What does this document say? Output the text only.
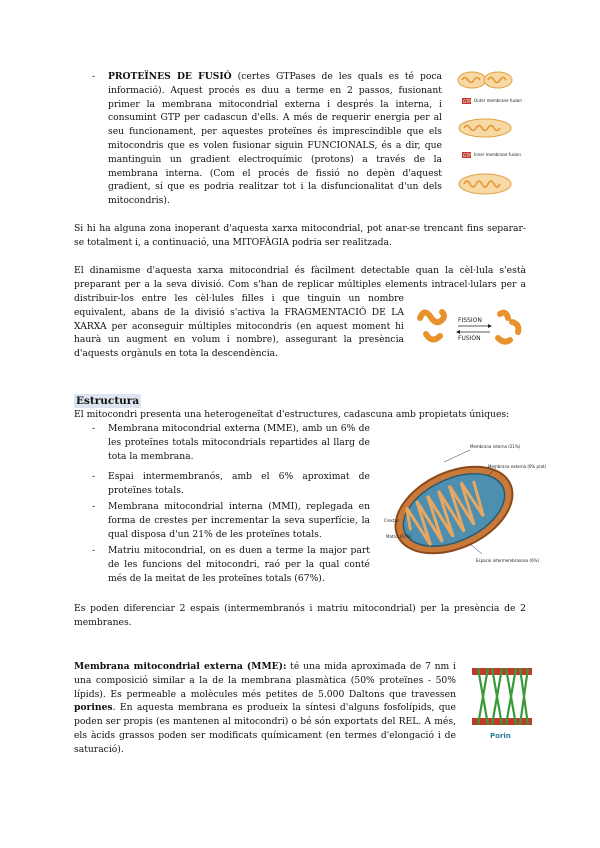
- PROTEÏNES DE FUSIÓ (certes GTPases de les quals es té poca informació). Aquest procés es duu a terme en 2 passos, fusionant primer la membrana mitocondrial externa i després la interna, i consumint GTP per cadascun d'ells. A més de requerir energia per al seu funcionament, per aquestes proteïnes és imprescindible que els mitocondris que es volen fusionar siguin FUNCIONALS, és a dir, que mantinguin un gradient electroquímic (protons) a través de la membrana interna. (Com el procés de fissió no depèn d'aquest gradient, sí que es podria realitzar tot i la disfuncionalitat d'un dels mitocondris).
GTP Outer membrane fusion
GTP Inner membrane fusion
Si hi ha alguna zona inoperant d'aquesta xarxa mitocondrial, pot anar-se trencant fins separar-se totalment i, a continuació, una MITOFÀGIA podria ser realitzada.
El dinamisme d'aquesta xarxa mitocondrial és fàcilment detectable quan la cèl·lula s'està preparant per a la seva divisió. Com s'han de replicar múltiples elements intracel·lulars per a
distribuir-los entre les cèl·lules filles i que tinguin un nombre equivalent, abans de la divisió s'activa la FRAGMENTACIÓ DE LA XARXA per aconseguir múltiples mitocondris (en aquest moment hi haurà un augment en volum i nombre), assegurant la presència d'aquests orgànuls en tota la descendència.
FISSION
FUSION
Estructura
El mitocondri presenta una heterogeneïtat d'estructures, cadascuna amb propietats úniques:
- Membrana mitocondrial externa (MME), amb un 6% de les proteïnes totals mitocondrials repartides al llarg de tota la membrana.
- Espai intermembranós, amb el 6% aproximat de proteïnes totals.
- Membrana mitocondrial interna (MMI), replegada en forma de crestes per incrementar la seva superfície, la qual disposa d'un 21% de les proteïnes totals.
- Matriu mitocondrial, on es duen a terme la major part de les funcions del mitocondri, raó per la qual conté més de la meitat de les proteïnes totals (67%).
Membrana interna (21%)
Membrana externa (6% prot)
Crestas
Matriz (67%)
Espacio intermembranoso (6%)
Es poden diferenciar 2 espais (intermembranós i matriu mitocondrial) per la presència de 2 membranes.
Membrana mitocondrial externa (MME): té una mida aproximada de 7 nm i una composició similar a la de la membrana plasmàtica (50% proteïnes - 50% lípids). Es permeable a molècules més petites de 5.000 Daltons que travessen porines. En aquesta membrana es produeix la síntesi d'alguns fosfolípids, que poden ser propis (es mantenen al mitocondri) o bé són exportats del REL. A més, els àcids grassos poden ser modificats químicament (en termes d'elongació i de saturació).
Porin
